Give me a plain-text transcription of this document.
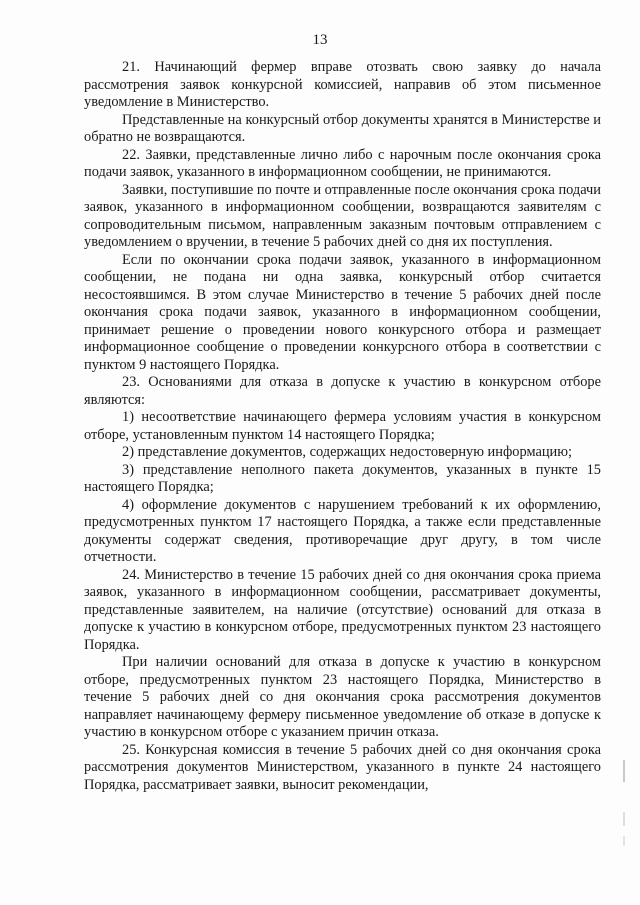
13

21. Начинающий фермер вправе отозвать свою заявку до начала рассмотрения заявок конкурсной комиссией, направив об этом письменное уведомление в Министерство.

Представленные на конкурсный отбор документы хранятся в Министерстве и обратно не возвращаются.

22. Заявки, представленные лично либо с нарочным после окончания срока подачи заявок, указанного в информационном сообщении, не принимаются.

Заявки, поступившие по почте и отправленные после окончания срока подачи заявок, указанного в информационном сообщении, возвращаются заявителям с сопроводительным письмом, направленным заказным почтовым отправлением с уведомлением о вручении, в течение 5 рабочих дней со дня их поступления.

Если по окончании срока подачи заявок, указанного в информационном сообщении, не подана ни одна заявка, конкурсный отбор считается несостоявшимся. В этом случае Министерство в течение 5 рабочих дней после окончания срока подачи заявок, указанного в информационном сообщении, принимает решение о проведении нового конкурсного отбора и размещает информационное сообщение о проведении конкурсного отбора в соответствии с пунктом 9 настоящего Порядка.

23. Основаниями для отказа в допуске к участию в конкурсном отборе являются:

1) несоответствие начинающего фермера условиям участия в конкурсном отборе, установленным пунктом 14 настоящего Порядка;

2) представление документов, содержащих недостоверную информацию;

3) представление неполного пакета документов, указанных в пункте 15 настоящего Порядка;

4) оформление документов с нарушением требований к их оформлению, предусмотренных пунктом 17 настоящего Порядка, а также если представленные документы содержат сведения, противоречащие друг другу, в том числе отчетности.

24. Министерство в течение 15 рабочих дней со дня окончания срока приема заявок, указанного в информационном сообщении, рассматривает документы, представленные заявителем, на наличие (отсутствие) оснований для отказа в допуске к участию в конкурсном отборе, предусмотренных пунктом 23 настоящего Порядка.

При наличии оснований для отказа в допуске к участию в конкурсном отборе, предусмотренных пунктом 23 настоящего Порядка, Министерство в течение 5 рабочих дней со дня окончания срока рассмотрения документов направляет начинающему фермеру письменное уведомление об отказе в допуске к участию в конкурсном отборе с указанием причин отказа.

25. Конкурсная комиссия в течение 5 рабочих дней со дня окончания срока рассмотрения документов Министерством, указанного в пункте 24 настоящего Порядка, рассматривает заявки, выносит рекомендации,
